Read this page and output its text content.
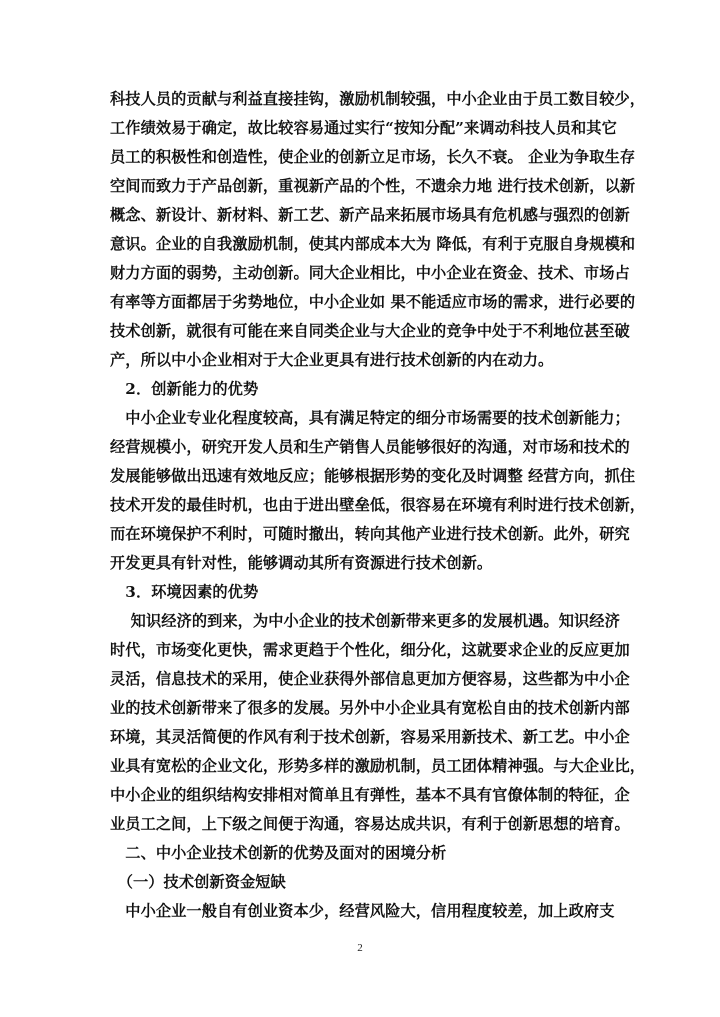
科技人员的贡献与利益直接挂钩，激励机制较强，中小企业由于员工数目较少，
工作绩效易于确定，故比较容易通过实行“按知分配”来调动科技人员和其它
员工的积极性和创造性，使企业的创新立足市场，长久不衰。 企业为争取生存
空间而致力于产品创新，重视新产品的个性，不遗余力地 进行技术创新，以新
概念、新设计、新材料、新工艺、新产品来拓展市场具有危机感与强烈的创新
意识。企业的自我激励机制，使其内部成本大为 降低，有利于克服自身规模和
财力方面的弱势，主动创新。同大企业相比，中小企业在资金、技术、市场占
有率等方面都居于劣势地位，中小企业如 果不能适应市场的需求，进行必要的
技术创新，就很有可能在来自同类企业与大企业的竞争中处于不利地位甚至破
产，所以中小企业相对于大企业更具有进行技术创新的内在动力。
　2．创新能力的优势
　中小企业专业化程度较高，具有满足特定的细分市场需要的技术创新能力；
经营规模小，研究开发人员和生产销售人员能够很好的沟通，对市场和技术的
发展能够做出迅速有效地反应；能够根据形势的变化及时调整 经营方向，抓住
技术开发的最佳时机，也由于进出壁垒低，很容易在环境有利时进行技术创新，
而在环境保护不利时，可随时撤出，转向其他产业进行技术创新。此外，研究
开发更具有针对性，能够调动其所有资源进行技术创新。
　3．环境因素的优势
　 知识经济的到来，为中小企业的技术创新带来更多的发展机遇。知识经济
时代，市场变化更快，需求更趋于个性化，细分化，这就要求企业的反应更加
灵活，信息技术的采用，使企业获得外部信息更加方便容易，这些都为中小企
业的技术创新带来了很多的发展。另外中小企业具有宽松自由的技术创新内部
环境，其灵活简便的作风有利于技术创新，容易采用新技术、新工艺。中小企
业具有宽松的企业文化，形势多样的激励机制，员工团体精神强。与大企业比，
中小企业的组织结构安排相对简单且有弹性，基本不具有官僚体制的特征，企
业员工之间，上下级之间便于沟通，容易达成共识，有利于创新思想的培育。
　二、中小企业技术创新的优势及面对的困境分析
　（一）技术创新资金短缺
　中小企业一般自有创业资本少，经营风险大，信用程度较差，加上政府支
2
